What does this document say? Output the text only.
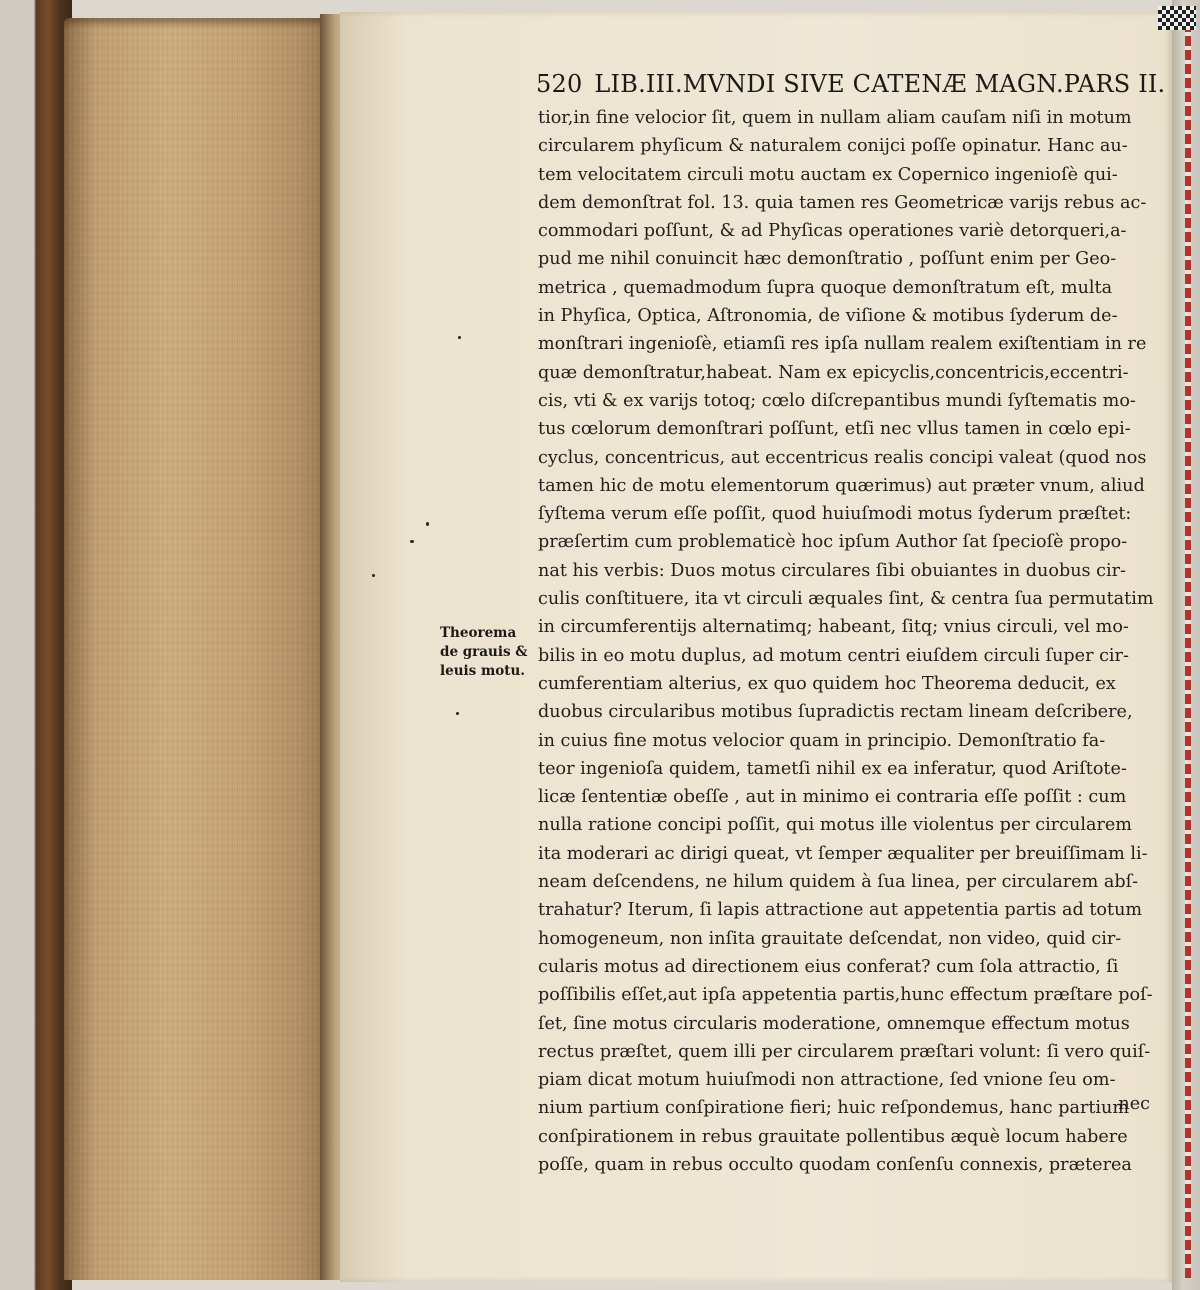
520 LIB.III.MVNDI SIVE CATENÆ MAGN.PARS II.
Theorema
de grauis &
leuis motu.
tior,in fine velocior ſit, quem in nullam aliam cauſam niſi in motum
circularem phyſicum & naturalem conijci poſſe opinatur. Hanc au-
tem velocitatem circuli motu auctam ex Copernico ingenioſè qui-
dem demonſtrat fol. 13. quia tamen res Geometricæ varijs rebus ac-
commodari poſſunt, & ad Phyſicas operationes variè detorqueri,a-
pud me nihil conuincit hæc demonſtratio , poſſunt enim per Geo-
metrica , quemadmodum ſupra quoque demonſtratum eſt, multa
in Phyſica, Optica, Aſtronomia, de viſione & motibus ſyderum de-
monſtrari ingenioſè, etiamſi res ipſa nullam realem exiſtentiam in re
quæ demonſtratur,habeat. Nam ex epicyclis,concentricis,eccentri-
cis, vti & ex varijs totoq; cœlo diſcrepantibus mundi ſyſtematis mo-
tus cœlorum demonſtrari poſſunt, etſi nec vllus tamen in cœlo epi-
cyclus, concentricus, aut eccentricus realis concipi valeat (quod nos
tamen hic de motu elementorum quærimus) aut præter vnum, aliud
ſyſtema verum eſſe poſſit, quod huiuſmodi motus ſyderum præſtet:
præſertim cum problematicè hoc ipſum Author ſat ſpecioſè propo-
nat his verbis: Duos motus circulares ſibi obuiantes in duobus cir-
culis conſtituere, ita vt circuli æquales ſint, & centra ſua permutatim
in circumferentijs alternatimq; habeant, ſitq; vnius circuli, vel mo-
bilis in eo motu duplus, ad motum centri eiuſdem circuli ſuper cir-
cumferentiam alterius, ex quo quidem hoc Theorema deducit, ex
duobus circularibus motibus ſupradictis rectam lineam deſcribere,
in cuius fine motus velocior quam in principio. Demonſtratio fa-
teor ingenioſa quidem, tametſi nihil ex ea inferatur, quod Ariſtote-
licæ ſententiæ obeſſe , aut in minimo ei contraria eſſe poſſit : cum
nulla ratione concipi poſſit, qui motus ille violentus per circularem
ita moderari ac dirigi queat, vt ſemper æqualiter per breuiſſimam li-
neam deſcendens, ne hilum quidem à ſua linea, per circularem abſ-
trahatur? Iterum, ſi lapis attractione aut appetentia partis ad totum
homogeneum, non inſita grauitate deſcendat, non video, quid cir-
cularis motus ad directionem eius conferat? cum ſola attractio, ſi
poſſibilis eſſet,aut ipſa appetentia partis,hunc effectum præſtare poſ-
ſet, ſine motus circularis moderatione, omnemque effectum motus
rectus præſtet, quem illi per circularem præſtari volunt: ſi vero quiſ-
piam dicat motum huiuſmodi non attractione, ſed vnione ſeu om-
nium partium conſpiratione fieri; huic reſpondemus, hanc partium
conſpirationem in rebus grauitate pollentibus æquè locum habere
poſſe, quam in rebus occulto quodam conſenſu connexis, præterea
nec
